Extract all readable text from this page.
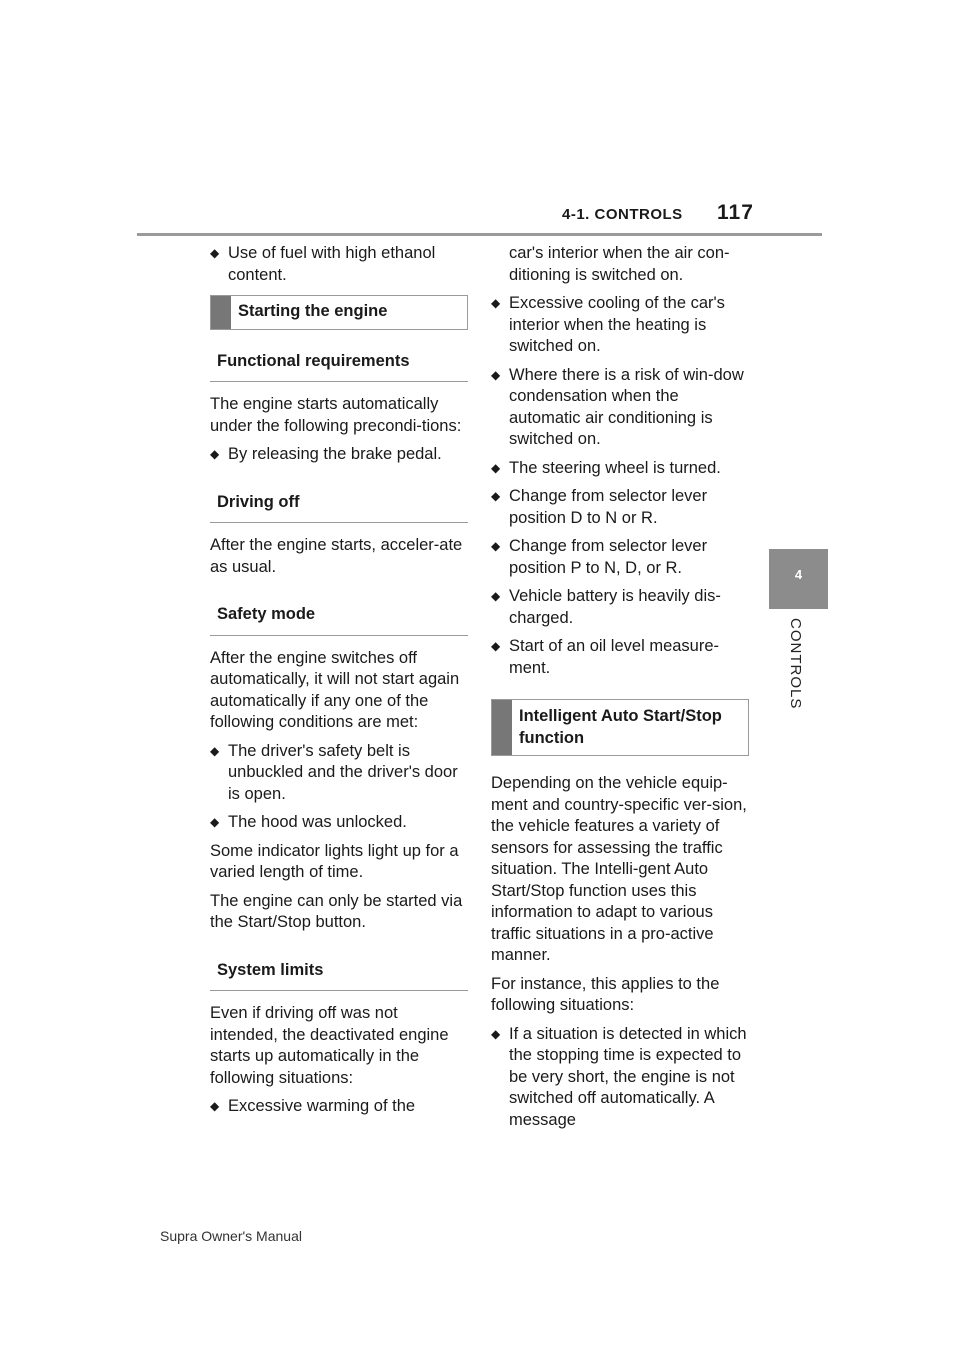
4-1. CONTROLS 117
4
CONTROLS
◆ Use of fuel with high ethanol content.
Starting the engine
Functional requirements

The engine starts automatically under the following precondi-tions:

◆ By releasing the brake pedal.
Driving off

After the engine starts, acceler-ate as usual.

Safety mode

After the engine switches off automatically, it will not start again automatically if any one of the following conditions are met:

◆ The driver's safety belt is unbuckled and the driver's door is open.
◆ The hood was unlocked.

Some indicator lights light up for a varied length of time.

The engine can only be started via the Start/Stop button.

System limits

Even if driving off was not intended, the deactivated engine starts up automatically in the following situations:

◆ Excessive warming of the

car's interior when the air con-ditioning is switched on.

◆ Excessive cooling of the car's interior when the heating is switched on.
◆ Where there is a risk of win-dow condensation when the automatic air conditioning is switched on.
◆ The steering wheel is turned.
◆ Change from selector lever position D to N or R.
◆ Change from selector lever position P to N, D, or R.
◆ Vehicle battery is heavily dis-charged.
◆ Start of an oil level measure-ment.
Intelligent Auto Start/Stop function

Depending on the vehicle equip-ment and country-specific ver-sion, the vehicle features a variety of sensors for assessing the traffic situation. The Intelli-gent Auto Start/Stop function uses this information to adapt to various traffic situations in a pro-active manner.

For instance, this applies to the following situations:

◆ If a situation is detected in which the stopping time is expected to be very short, the engine is not switched off automatically. A message
Supra Owner's Manual
